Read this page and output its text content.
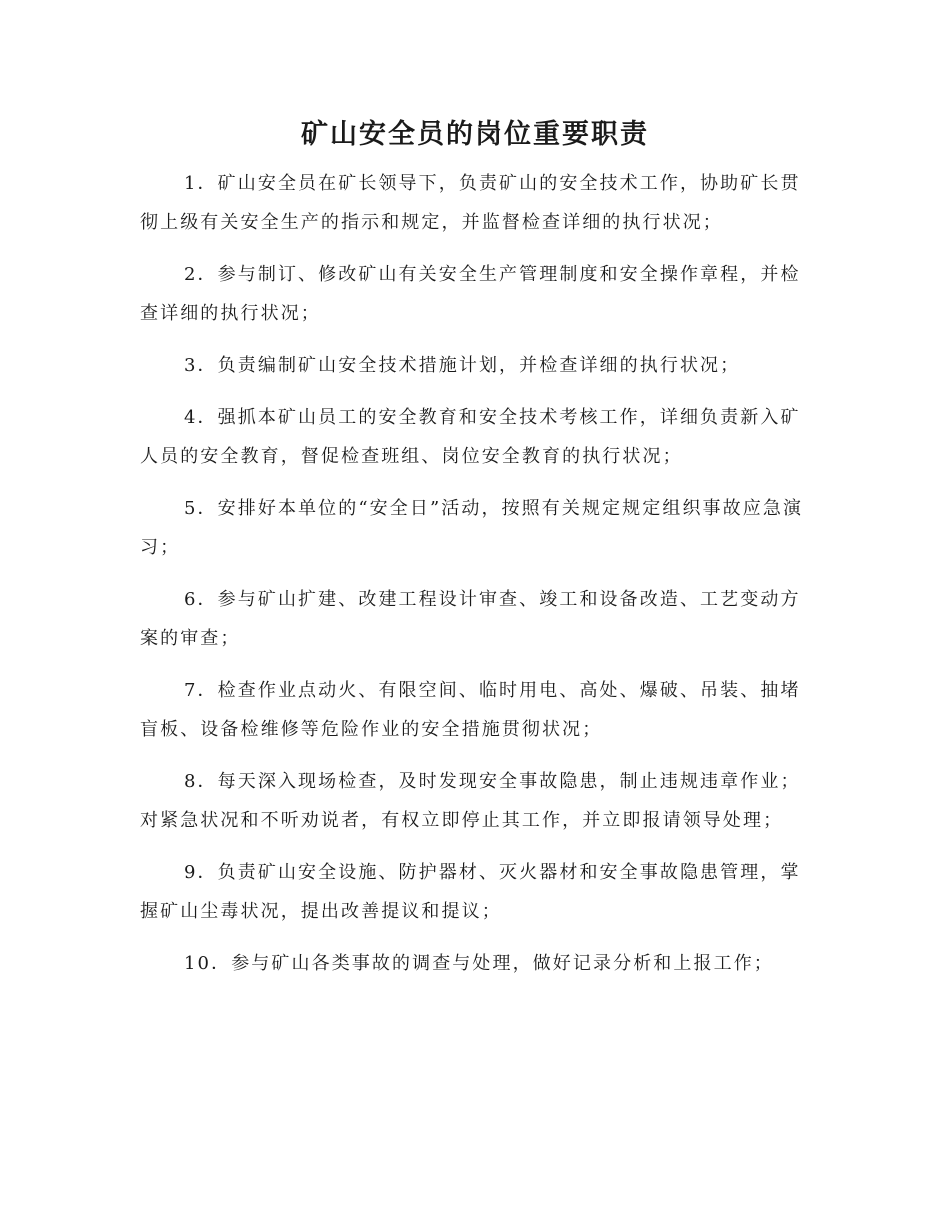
矿山安全员的岗位重要职责

1．矿山安全员在矿长领导下，负责矿山的安全技术工作，协助矿长贯彻上级有关安全生产的指示和规定，并监督检查详细的执行状况；

2．参与制订、修改矿山有关安全生产管理制度和安全操作章程，并检查详细的执行状况；

3．负责编制矿山安全技术措施计划，并检查详细的执行状况；

4．强抓本矿山员工的安全教育和安全技术考核工作，详细负责新入矿人员的安全教育，督促检查班组、岗位安全教育的执行状况；

5．安排好本单位的“安全日”活动，按照有关规定规定组织事故应急演习；

6．参与矿山扩建、改建工程设计审查、竣工和设备改造、工艺变动方案的审查；

7．检查作业点动火、有限空间、临时用电、高处、爆破、吊装、抽堵盲板、设备检维修等危险作业的安全措施贯彻状况；

8．每天深入现场检查，及时发现安全事故隐患，制止违规违章作业；对紧急状况和不听劝说者，有权立即停止其工作，并立即报请领导处理；

9．负责矿山安全设施、防护器材、灭火器材和安全事故隐患管理，掌握矿山尘毒状况，提出改善提议和提议；

10．参与矿山各类事故的调查与处理，做好记录分析和上报工作；
